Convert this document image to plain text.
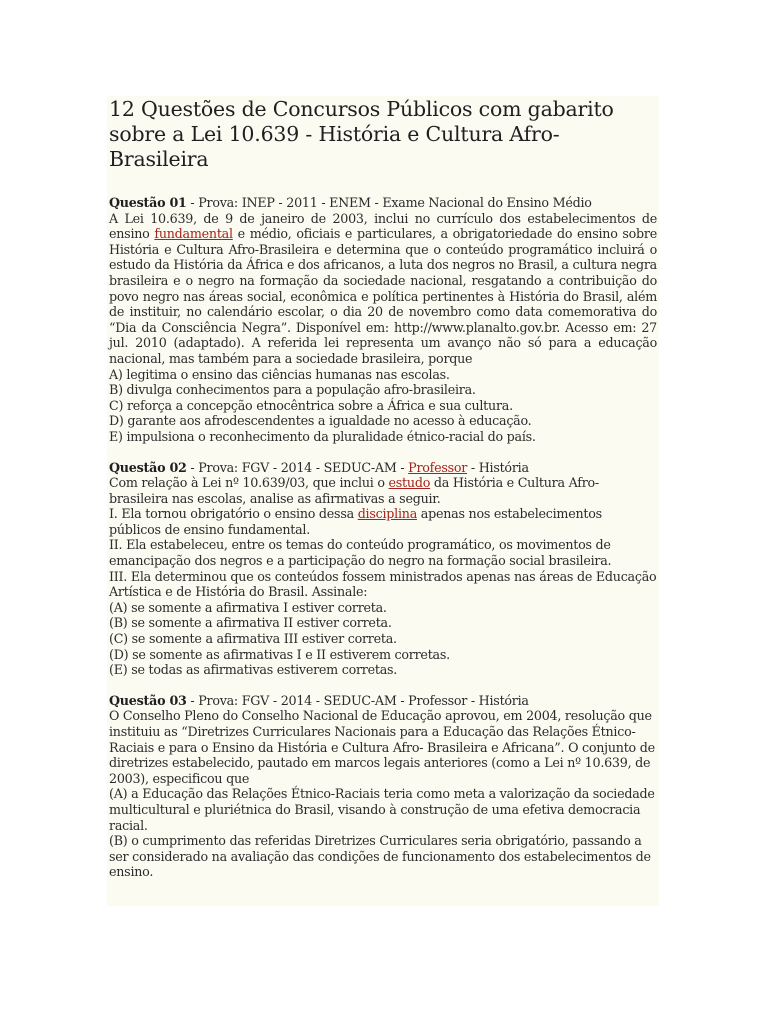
12 Questões de Concursos Públicos com gabarito sobre a Lei 10.639 - História e Cultura Afro-Brasileira

Questão 01 - Prova: INEP - 2011 - ENEM - Exame Nacional do Ensino Médio

A Lei 10.639, de 9 de janeiro de 2003, inclui no currículo dos estabelecimentos de ensino fundamental e médio, oficiais e particulares, a obrigatoriedade do ensino sobre História e Cultura Afro-Brasileira e determina que o conteúdo programático incluirá o estudo da História da África e dos africanos, a luta dos negros no Brasil, a cultura negra brasileira e o negro na formação da sociedade nacional, resgatando a contribuição do povo negro nas áreas social, econômica e política pertinentes à História do Brasil, além de instituir, no calendário escolar, o dia 20 de novembro como data comemorativa do “Dia da Consciência Negra”. Disponível em: http://www.planalto.gov.br. Acesso em: 27 jul. 2010 (adaptado). A referida lei representa um avanço não só para a educação nacional, mas também para a sociedade brasileira, porque

A) legitima o ensino das ciências humanas nas escolas.

B) divulga conhecimentos para a população afro-brasileira.

C) reforça a concepção etnocêntrica sobre a África e sua cultura.

D) garante aos afrodescendentes a igualdade no acesso à educação.

E) impulsiona o reconhecimento da pluralidade étnico-racial do país.

Questão 02 - Prova: FGV - 2014 - SEDUC-AM - Professor - História

Com relação à Lei nº 10.639/03, que inclui o estudo da História e Cultura Afro-brasileira nas escolas, analise as afirmativas a seguir.

I. Ela tornou obrigatório o ensino dessa disciplina apenas nos estabelecimentos públicos de ensino fundamental.

II. Ela estabeleceu, entre os temas do conteúdo programático, os movimentos de emancipação dos negros e a participação do negro na formação social brasileira.

III. Ela determinou que os conteúdos fossem ministrados apenas nas áreas de Educação Artística e de História do Brasil. Assinale:

(A) se somente a afirmativa I estiver correta.

(B) se somente a afirmativa II estiver correta.

(C) se somente a afirmativa III estiver correta.

(D) se somente as afirmativas I e II estiverem corretas.

(E) se todas as afirmativas estiverem corretas.

Questão 03 - Prova: FGV - 2014 - SEDUC-AM - Professor - História

O Conselho Pleno do Conselho Nacional de Educação aprovou, em 2004, resolução que instituiu as “Diretrizes Curriculares Nacionais para a Educação das Relações Étnico-Raciais e para o Ensino da História e Cultura Afro- Brasileira e Africana”. O conjunto de diretrizes estabelecido, pautado em marcos legais anteriores (como a Lei nº 10.639, de 2003), especificou que

(A) a Educação das Relações Étnico-Raciais teria como meta a valorização da sociedade multicultural e pluriétnica do Brasil, visando à construção de uma efetiva democracia racial.

(B) o cumprimento das referidas Diretrizes Curriculares seria obrigatório, passando a ser considerado na avaliação das condições de funcionamento dos estabelecimentos de ensino.
